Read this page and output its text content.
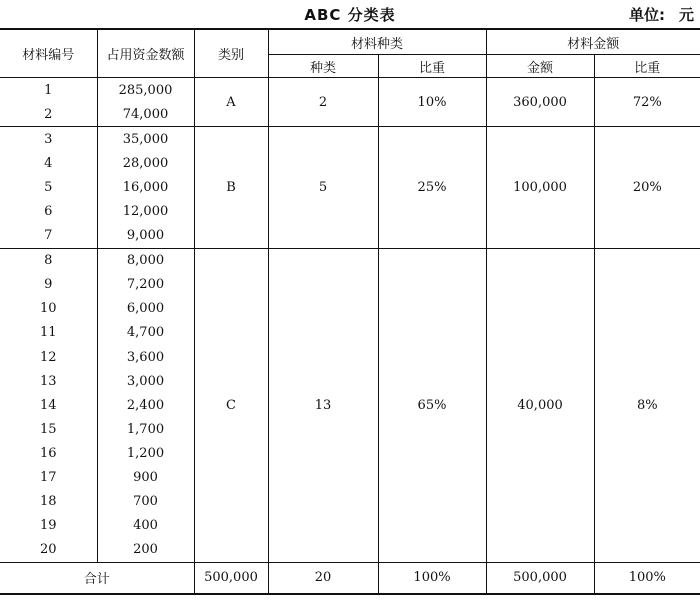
ABC 分类表	单位: 元
材料编号	占用资金数额	类别	材料种类		材料金额	
			种类	比重	金额	比重
1	285,000	A	2	10%	360,000	72%
2	74,000					
3	35,000	B	5	25%	100,000	20%
4	28,000					
5	16,000					
6	12,000					
7	9,000					
8	8,000	C	13	65%	40,000	8%
9	7,200					
10	6,000					
11	4,700					
12	3,600					
13	3,000					
14	2,400					
15	1,700					
16	1,200					
17	900					
18	700					
19	400					
20	200					
合计		500,000	20	100%	500,000	100%
